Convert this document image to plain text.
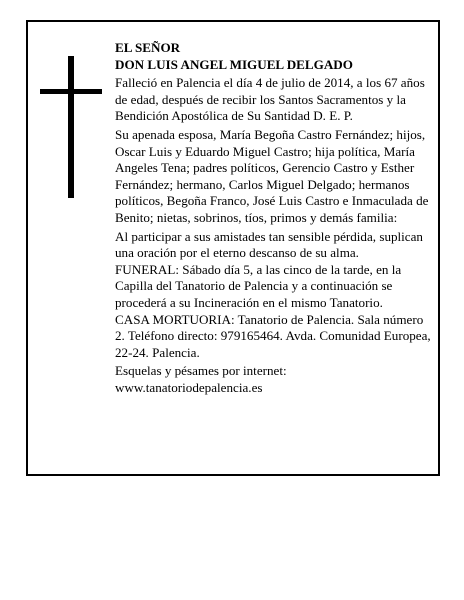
EL SEÑOR

DON LUIS ANGEL MIGUEL DELGADO

Falleció en Palencia el día 4 de julio de 2014, a los 67 años de edad, después de recibir los Santos Sacramentos y la Bendición Apostólica de Su Santidad D. E. P.

Su apenada esposa, María Begoña Castro Fernández; hijos, Oscar Luis y Eduardo Miguel Castro; hija política, María Angeles Tena; padres políticos, Gerencio Castro y Esther Fernández; hermano, Carlos Miguel Delgado; hermanos políticos, Begoña Franco, José Luis Castro e Inmaculada de Benito; nietas, sobrinos, tíos, primos y demás familia:

Al participar a sus amistades tan sensible pérdida, suplican una oración por el eterno descanso de su alma.

FUNERAL: Sábado día 5, a las cinco de la tarde, en la Capilla del Tanatorio de Palencia y a continuación se procederá a su Incineración en el mismo Tanatorio.

CASA MORTUORIA: Tanatorio de Palencia. Sala número 2. Teléfono directo: 979165464. Avda. Comunidad Europea, 22-24. Palencia.

Esquelas y pésames por internet:

www.tanatoriodepalencia.es
